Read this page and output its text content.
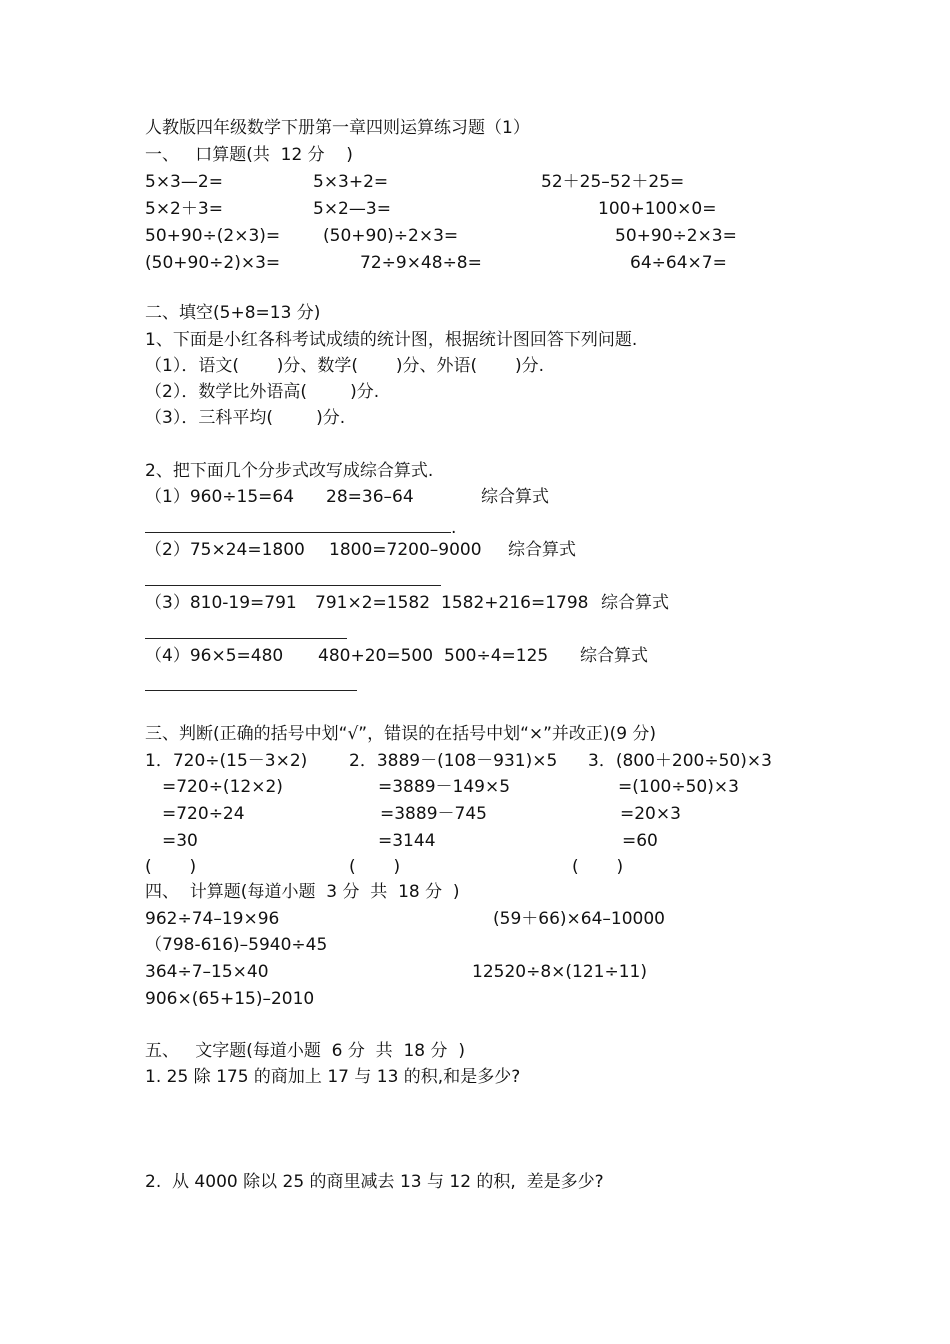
人教版四年级数学下册第一章四则运算练习题（1）
一、   口算题(共  12 分    )
5×3—2=	5×3+2=	52＋25–52＋25=
5×2＋3=	5×2—3=	100+100×0=
50+90÷(2×3)=	(50+90)÷2×3=	50+90÷2×3=
(50+90÷2)×3=	72÷9×48÷8=	64÷64×7=
二、填空(5+8=13 分)
1、下面是小红各科考试成绩的统计图，根据统计图回答下列问题.
（1）．语文(       )分、数学(       )分、外语(       )分.
（2）．数学比外语高(        )分.
（3）．三科平均(        )分.
2、把下面几个分步式改写成综合算式.
（1）960÷15=64 28=36–64	综合算式
.
（2）75×24=1800 1800=7200–9000 综合算式
（3）810-19=791 791×2=1582 1582+216=1798 综合算式
（4）96×5=480 480+20=500 500÷4=125 综合算式
三、判断(正确的括号中划“√”，错误的在括号中划“×”并改正)(9 分)
1．720÷(15－3×2)
=720÷(12×2)
=720÷24
=30
(       )
2．3889－(108－931)×5
=3889－149×5
=3889－745
=3144
(       )
3．(800＋200÷50)×3
=(100÷50)×3
=20×3
=60
(       )
四、  计算题(每道小题  3 分  共  18 分  )
962÷74–19×96	(59＋66)×64–10000
（798-616)–5940÷45
364÷7–15×40	12520÷8×(121÷11)
906×(65+15)–2010
五、   文字题(每道小题  6 分  共  18 分  )
1. 25 除 175 的商加上 17 与 13 的积,和是多少?
2.  从 4000 除以 25 的商里减去 13 与 12 的积,  差是多少?
